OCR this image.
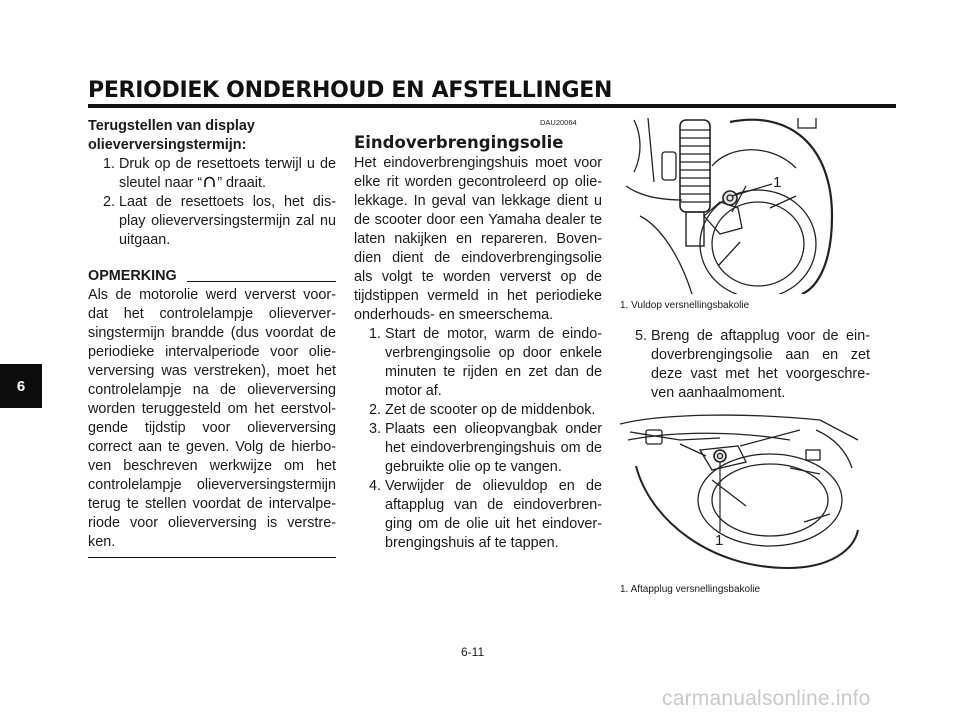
PERIODIEK ONDERHOUD EN AFSTELLINGEN
6
Terugstellen van display
olieverversingstermijn:
1. Druk op de resettoets terwijl u de sleutel naar “ ” draait.
2. Laat de resettoets los, het dis-play olieverversingstermijn zal nu uitgaan.
OPMERKING
Als de motorolie werd ververst voor-dat het controlelampje olieverver-singstermijn brandde (dus voordat de periodieke intervalperiode voor olie-verversing was verstreken), moet het controlelampje na de olieverversing worden teruggesteld om het eerstvol-gende tijdstip voor olieverversing correct aan te geven. Volg de hierbo-ven beschreven werkwijze om het controlelampje olieverversingstermijn terug te stellen voordat de intervalpe-riode voor olieverversing is verstre-ken.
DAU20064
Eindoverbrengingsolie
Het eindoverbrengingshuis moet voor elke rit worden gecontroleerd op olie-lekkage. In geval van lekkage dient u de scooter door een Yamaha dealer te laten nakijken en repareren. Boven-dien dient de eindoverbrengingsolie als volgt te worden ververst op de tijdstippen vermeld in het periodieke onderhouds- en smeerschema.
1. Start de motor, warm de eindo-verbrengingsolie op door enkele minuten te rijden en zet dan de motor af.
2. Zet de scooter op de middenbok.
3. Plaats een olieopvangbak onder het eindoverbrengingshuis om de gebruikte olie op te vangen.
4. Verwijder de olievuldop en de aftapplug van de eindoverbren-ging om de olie uit het eindover-brengingshuis af te tappen.
1
1. Vuldop versnellingsbakolie
5. Breng de aftapplug voor de ein-doverbrengingsolie aan en zet deze vast met het voorgeschre-ven aanhaalmoment.
1
1. Aftapplug versnellingsbakolie
6-11
carmanualsonline.info
